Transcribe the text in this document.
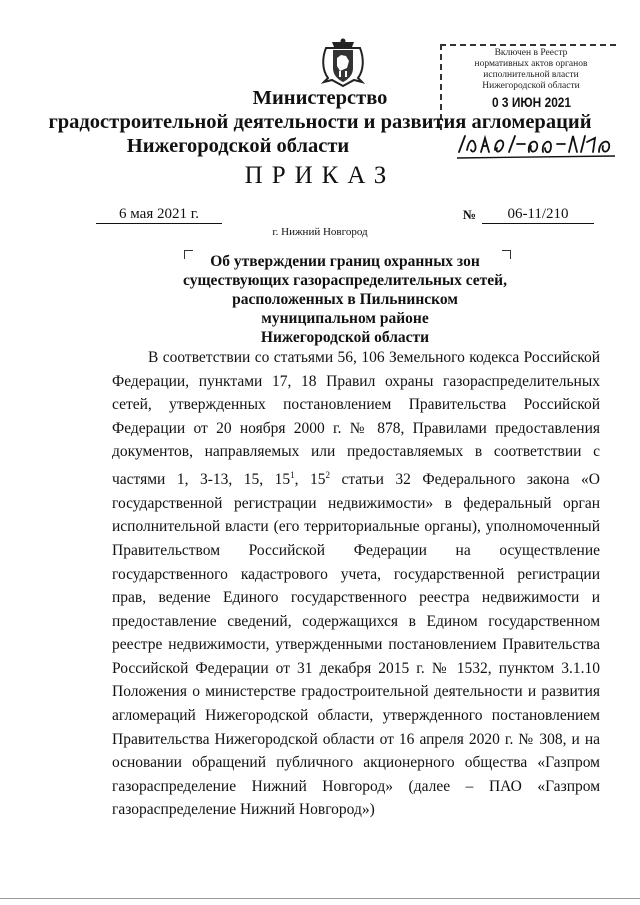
Включен в Реестр
нормативных актов органов
исполнительной власти
Нижегородской области
0 3 ИЮН 2021
Министерство
градостроительной деятельности и развития агломераций
Нижегородской области
ПРИКАЗ
6 мая 2021 г.	№	06-11/210
г. Нижний Новгород
Об утверждении границ охранных зон
существующих газораспределительных сетей,
расположенных в Пильнинском
муниципальном районе
Нижегородской области

В соответствии со статьями 56, 106 Земельного кодекса Российской Федерации, пунктами 17, 18 Правил охраны газораспределительных сетей, утвержденных постановлением Правительства Российской Федерации от 20 ноября 2000 г. № 878, Правилами предоставления документов, направляемых или предоставляемых в соответствии с частями 1, 3-13, 15, $15^1$, $15^2$ статьи 32 Федерального закона «О государственной регистрации недвижимости» в федеральный орган исполнительной власти (его территориальные органы), уполномоченный Правительством Российской Федерации на осуществление государственного кадастрового учета, государственной регистрации прав, ведение Единого государственного реестра недвижимости и предоставление сведений, содержащихся в Едином государственном реестре недвижимости, утвержденными постановлением Правительства Российской Федерации от 31 декабря 2015 г. № 1532, пунктом 3.1.10 Положения о министерстве градостроительной деятельности и развития агломераций Нижегородской области, утвержденного постановлением Правительства Нижегородской области от 16 апреля 2020 г. № 308, и на основании обращений публичного акционерного общества «Газпром газораспределение Нижний Новгород» (далее – ПАО «Газпром газораспределение Нижний Новгород»)
